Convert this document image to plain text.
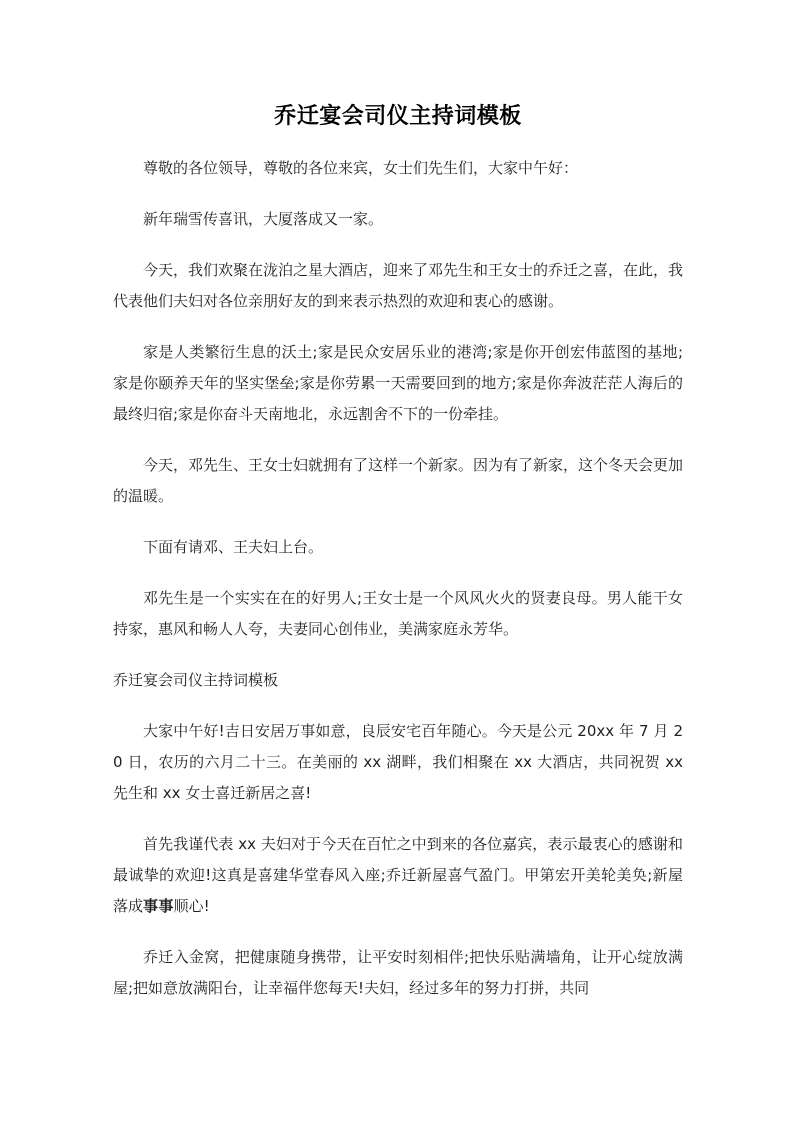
乔迁宴会司仪主持词模板

尊敬的各位领导，尊敬的各位来宾，女士们先生们，大家中午好：

新年瑞雪传喜讯，大厦落成又一家。

今天，我们欢聚在泷泊之星大酒店，迎来了邓先生和王女士的乔迁之喜，在此，我代表他们夫妇对各位亲朋好友的到来表示热烈的欢迎和衷心的感谢。

家是人类繁衍生息的沃土;家是民众安居乐业的港湾;家是你开创宏伟蓝图的基地;家是你颐养天年的坚实堡垒;家是你劳累一天需要回到的地方;家是你奔波茫茫人海后的最终归宿;家是你奋斗天南地北，永远割舍不下的一份牵挂。

今天，邓先生、王女士妇就拥有了这样一个新家。因为有了新家，这个冬天会更加的温暖。

下面有请邓、王夫妇上台。

邓先生是一个实实在在的好男人;王女士是一个风风火火的贤妻良母。男人能干女持家，惠风和畅人人夸，夫妻同心创伟业，美满家庭永芳华。

乔迁宴会司仪主持词模板

大家中午好!吉日安居万事如意，良辰安宅百年随心。今天是公元 20xx 年 7 月 20 日，农历的六月二十三。在美丽的 xx 湖畔，我们相聚在 xx 大酒店，共同祝贺 xx 先生和 xx 女士喜迁新居之喜!

首先我谨代表 xx 夫妇对于今天在百忙之中到来的各位嘉宾，表示最衷心的感谢和最诚挚的欢迎!这真是喜建华堂春风入座;乔迁新屋喜气盈门。甲第宏开美轮美奂;新屋落成事事顺心!

乔迁入金窝，把健康随身携带，让平安时刻相伴;把快乐贴满墙角，让开心绽放满屋;把如意放满阳台，让幸福伴您每天!夫妇，经过多年的努力打拼，共同
